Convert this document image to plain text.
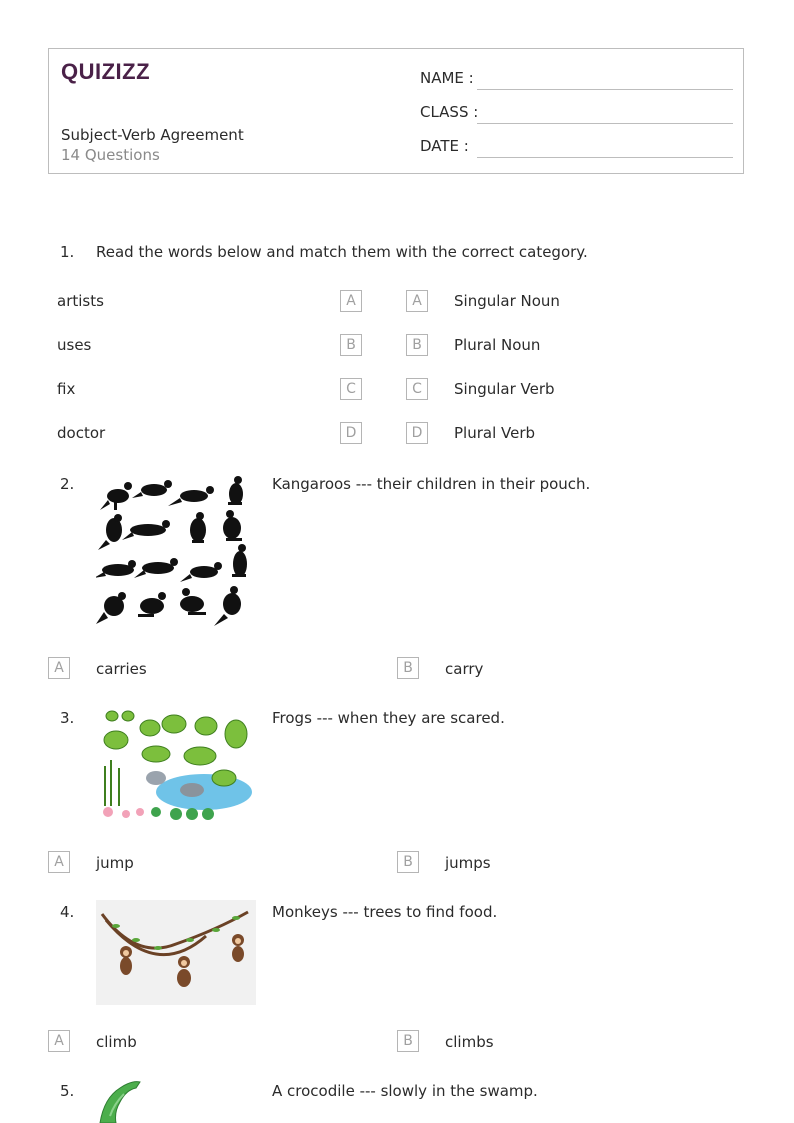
QUIZIZZ
Subject-Verb Agreement
14 Questions
NAME :
CLASS :
DATE :
1. Read the words below and match them with the correct category.
artists	A	A	Singular Noun
uses	B	B	Plural Noun
fix	C	C	Singular Verb
doctor	D	D	Plural Verb
2.	Kangaroos --- their children in their pouch.
A	carries	B	carry
3.	Frogs --- when they are scared.
A	jump	B	jumps
4.	Monkeys --- trees to find food.
A	climb	B	climbs
5.	A crocodile --- slowly in the swamp.
